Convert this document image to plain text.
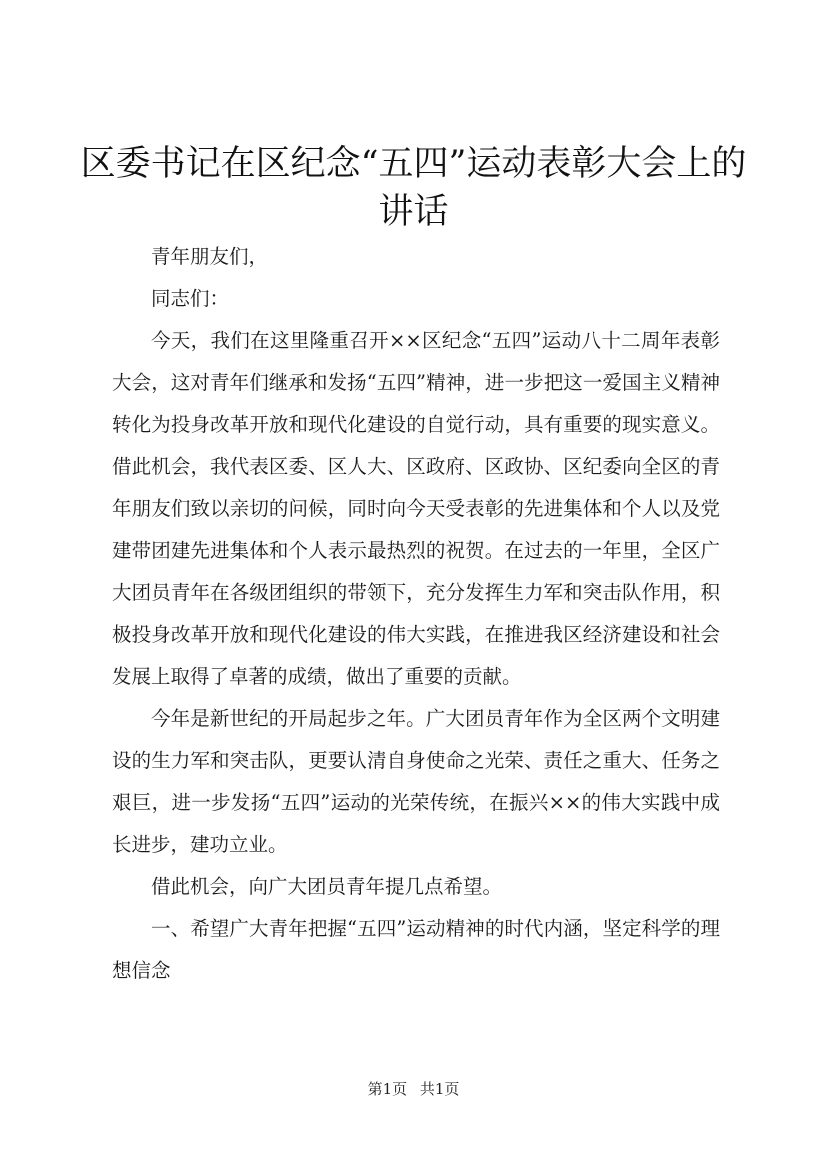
区委书记在区纪念“五四”运动表彰大会上的讲话

青年朋友们，

同志们：

今天，我们在这里隆重召开××区纪念“五四”运动八十二周年表彰大会，这对青年们继承和发扬“五四”精神，进一步把这一爱国主义精神转化为投身改革开放和现代化建设的自觉行动，具有重要的现实意义。借此机会，我代表区委、区人大、区政府、区政协、区纪委向全区的青年朋友们致以亲切的问候，同时向今天受表彰的先进集体和个人以及党建带团建先进集体和个人表示最热烈的祝贺。在过去的一年里，全区广大团员青年在各级团组织的带领下，充分发挥生力军和突击队作用，积极投身改革开放和现代化建设的伟大实践，在推进我区经济建设和社会发展上取得了卓著的成绩，做出了重要的贡献。

今年是新世纪的开局起步之年。广大团员青年作为全区两个文明建设的生力军和突击队，更要认清自身使命之光荣、责任之重大、任务之艰巨，进一步发扬“五四”运动的光荣传统，在振兴××的伟大实践中成长进步，建功立业。

借此机会，向广大团员青年提几点希望。

一、希望广大青年把握“五四”运动精神的时代内涵，坚定科学的理想信念

第1页 共1页
